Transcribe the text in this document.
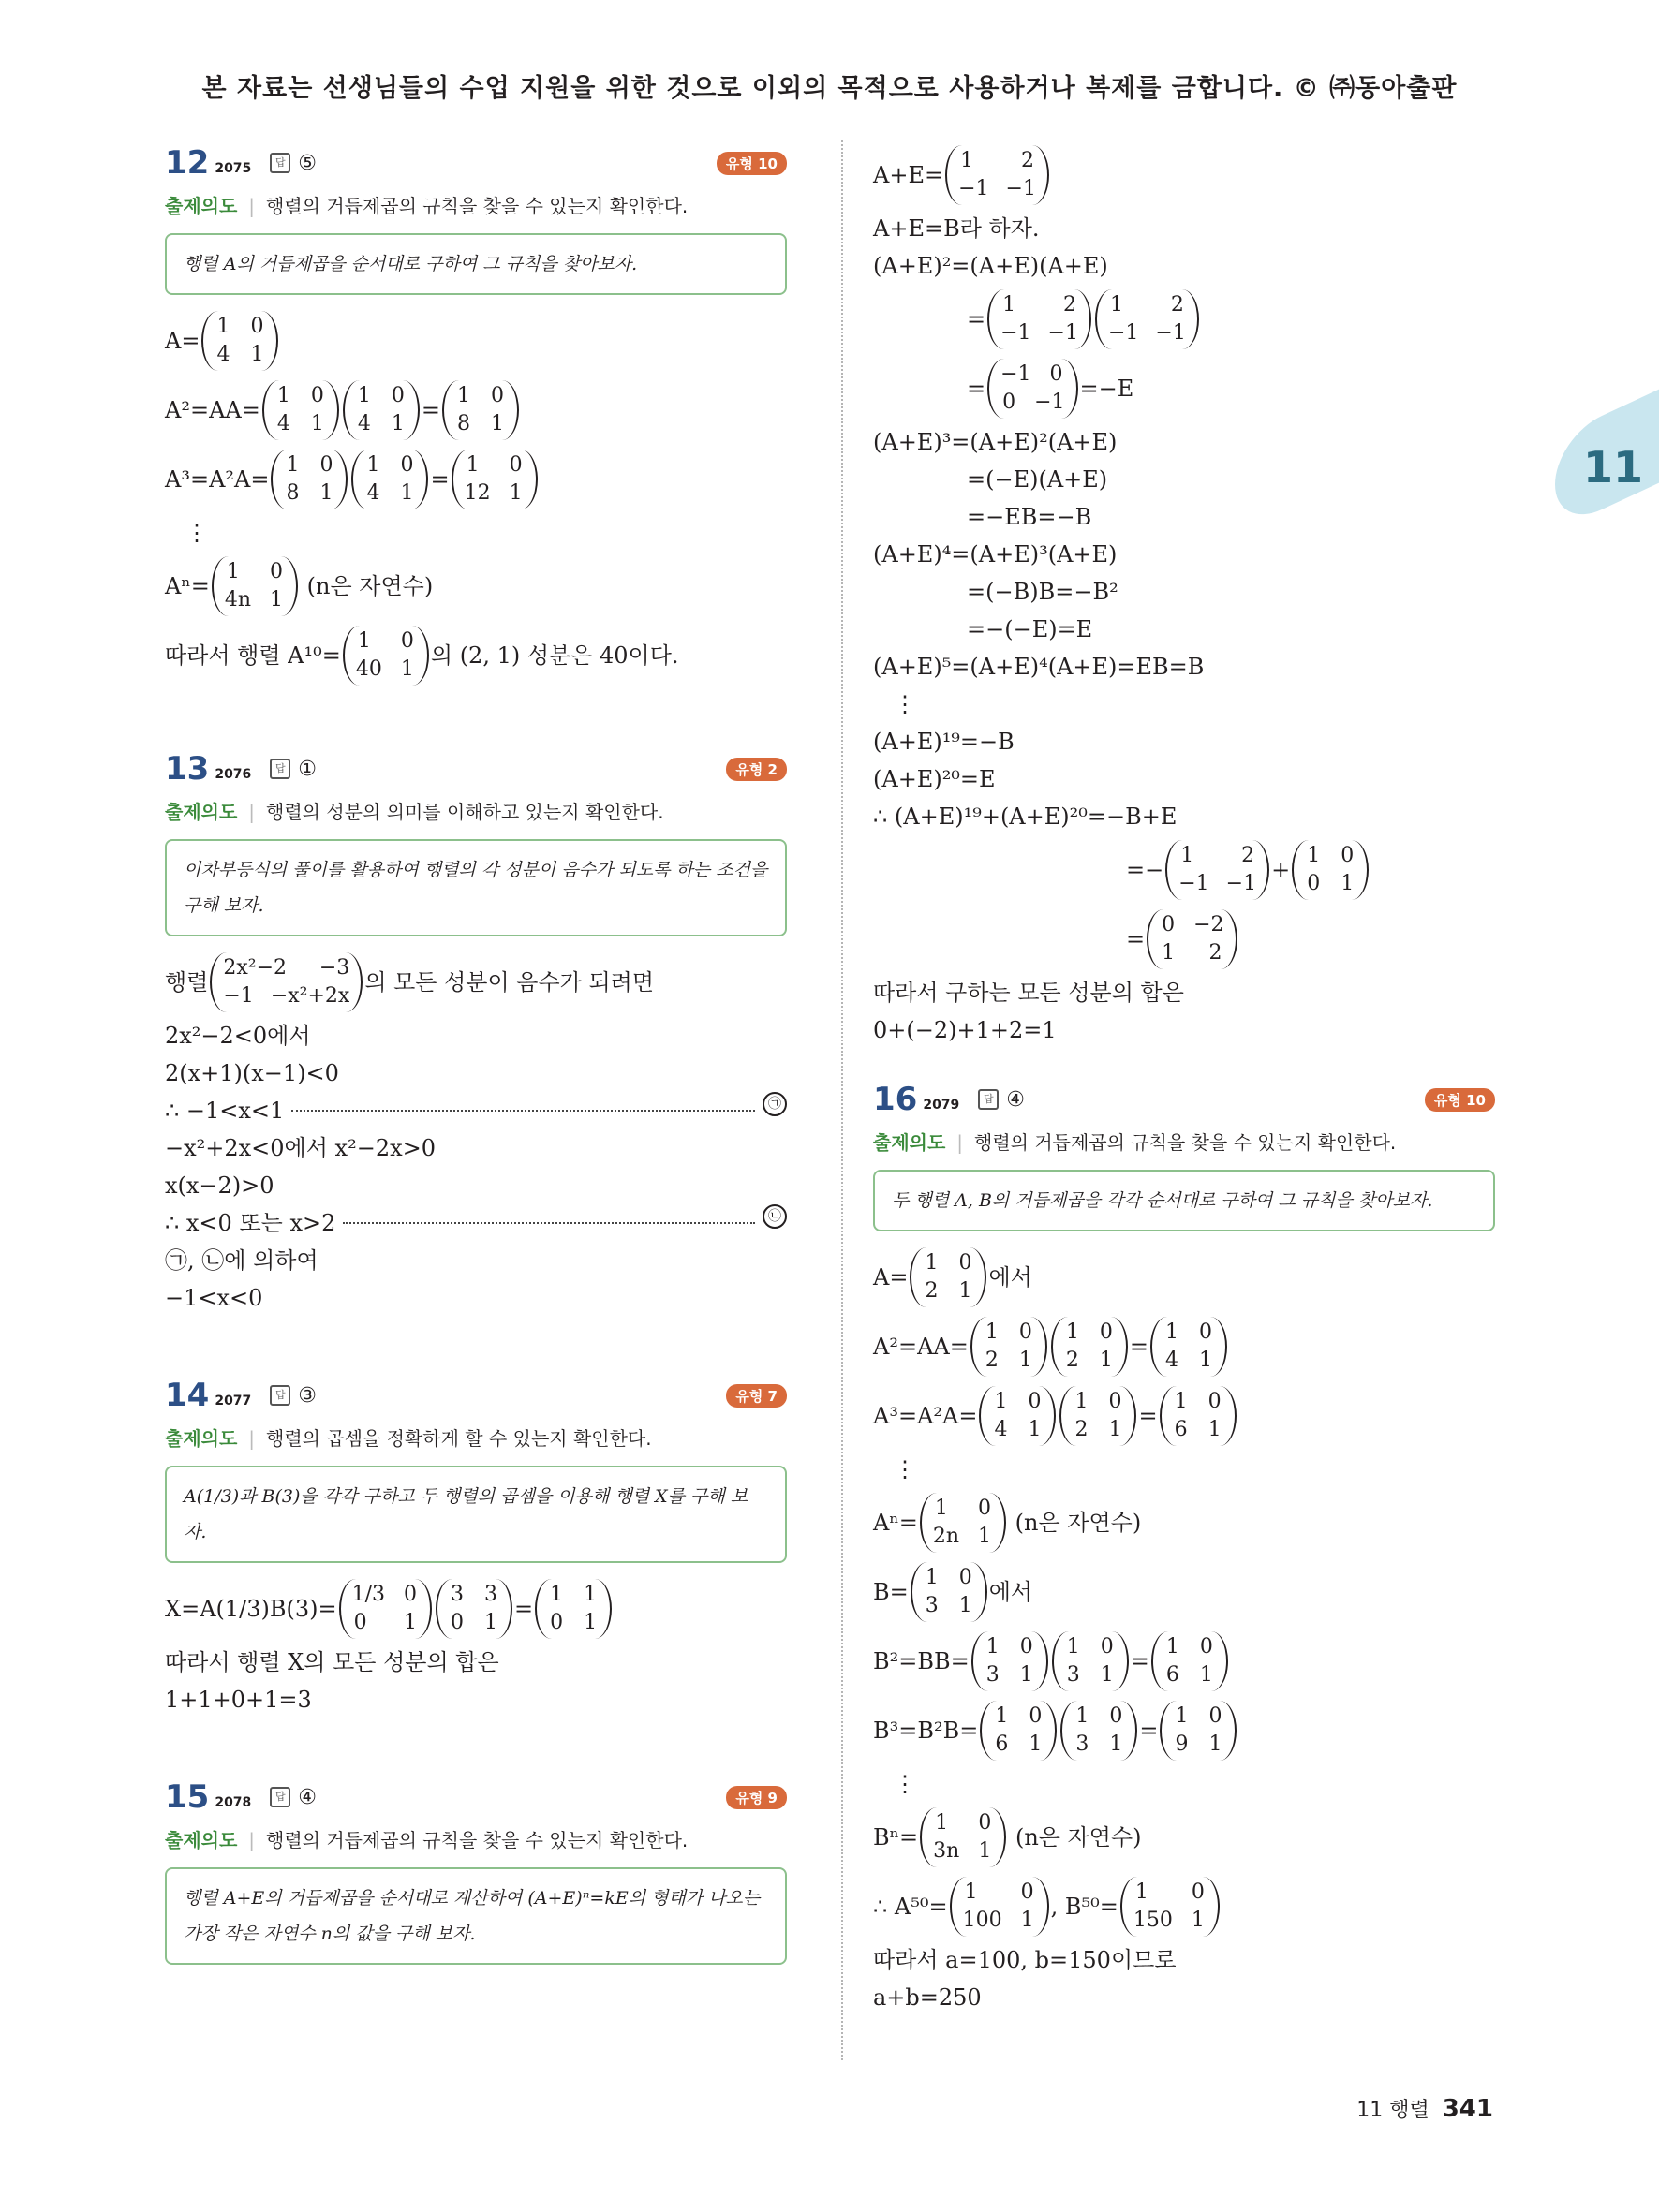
본 자료는 선생님들의 수업 지원을 위한 것으로 이외의 목적으로 사용하거나 복제를 금합니다. © ㈜동아출판
11
12 2075	답 ⑤	유형 10
출제의도 | 행렬의 거듭제곱의 규칙을 찾을 수 있는지 확인한다.
행렬 A의 거듭제곱을 순서대로 구하여 그 규칙을 찾아보자.
A=
1 0
4 1
A²=AA=
1 0
4 1
1 0
4 1
=
1 0
8 1
A³=A²A=
1 0
8 1
1 0
4 1
=
1 0
12 1
⋮
Aⁿ=
1 0
4n 1

(n은 자연수)
따라서 행렬 A¹⁰=
1 0
40 1
의 (2, 1) 성분은 40이다.
13 2076	답 ①	유형 2
출제의도 | 행렬의 성분의 의미를 이해하고 있는지 확인한다.
이차부등식의 풀이를 활용하여 행렬의 각 성분이 음수가 되도록 하는 조건을 구해 보자.
행렬
2x²−2 −3
−1 −x²+2x
의 모든 성분이 음수가 되려면
2x²−2<0에서
2(x+1)(x−1)<0
∴ −1<x<1	㉠
−x²+2x<0에서 x²−2x>0
x(x−2)>0
∴ x<0 또는 x>2	㉡
㉠, ㉡에 의하여
−1<x<0
14 2077	답 ③	유형 7
출제의도 | 행렬의 곱셈을 정확하게 할 수 있는지 확인한다.
A(1/3)과 B(3)을 각각 구하고 두 행렬의 곱셈을 이용해 행렬 X를 구해 보자.
X=A(1/3)B(3)=
1/3 0
0 1
3 3
0 1
=
1 1
0 1
따라서 행렬 X의 모든 성분의 합은
1+1+0+1=3
15 2078	답 ④	유형 9
출제의도 | 행렬의 거듭제곱의 규칙을 찾을 수 있는지 확인한다.
행렬 A+E의 거듭제곱을 순서대로 계산하여 (A+E)ⁿ=kE의 형태가 나오는 가장 작은 자연수 n의 값을 구해 보자.
A+E=
1 2
−1 −1
A+E=B라 하자.
(A+E)²=(A+E)(A+E)
=
1 2
−1 −1
1 2
−1 −1
=
−1 0
0 −1
=−E
(A+E)³=(A+E)²(A+E)
=(−E)(A+E)
=−EB=−B
(A+E)⁴=(A+E)³(A+E)
=(−B)B=−B²
=−(−E)=E
(A+E)⁵=(A+E)⁴(A+E)=EB=B
⋮
(A+E)¹⁹=−B
(A+E)²⁰=E
∴ (A+E)¹⁹+(A+E)²⁰=−B+E
=−
1 2
−1 −1
+
1 0
0 1
=
0 −2
1 2
따라서 구하는 모든 성분의 합은
0+(−2)+1+2=1
16 2079	답 ④	유형 10
출제의도 | 행렬의 거듭제곱의 규칙을 찾을 수 있는지 확인한다.
두 행렬 A, B의 거듭제곱을 각각 순서대로 구하여 그 규칙을 찾아보자.
A=
1 0
2 1
에서
A²=AA=
1 0
2 1
1 0
2 1
=
1 0
4 1
A³=A²A=
1 0
4 1
1 0
2 1
=
1 0
6 1
⋮
Aⁿ=
1 0
2n 1

(n은 자연수)
B=
1 0
3 1
에서
B²=BB=
1 0
3 1
1 0
3 1
=
1 0
6 1
B³=B²B=
1 0
6 1
1 0
3 1
=
1 0
9 1
⋮
Bⁿ=
1 0
3n 1

(n은 자연수)
∴ A⁵⁰=
1 0
100 1
, B⁵⁰=
1 0
150 1
따라서 a=100, b=150이므로
a+b=250
11 행렬 341
